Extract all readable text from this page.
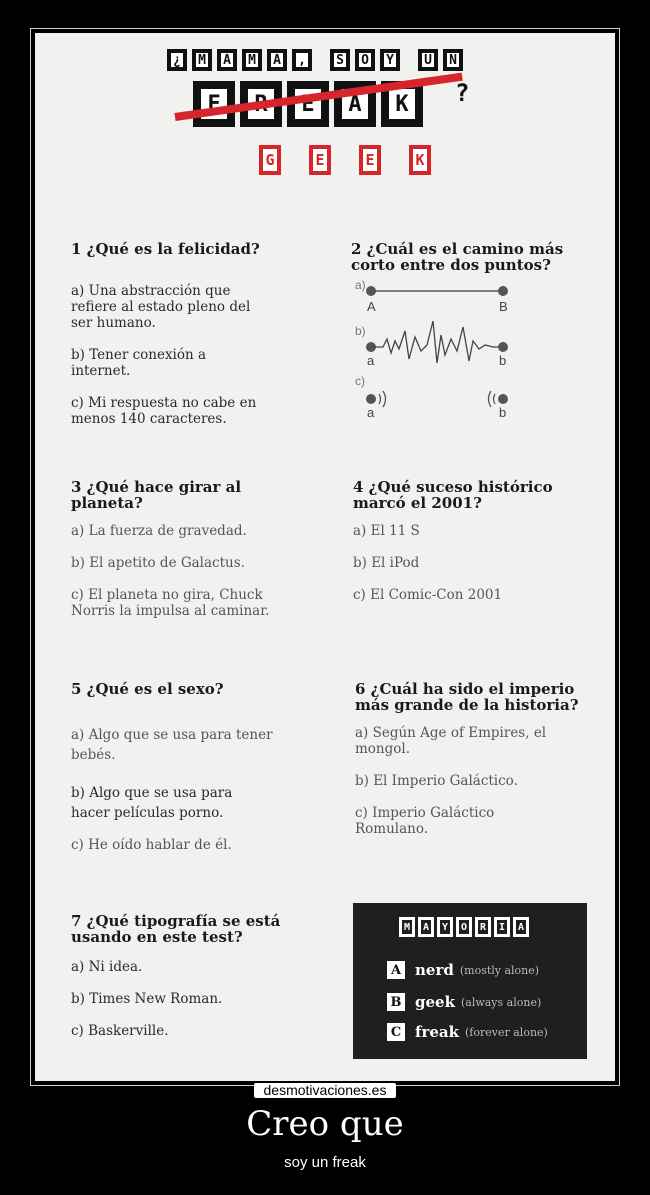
¿	M	A	M	A	,	S	O	Y	U	N
F	E	A	K	?
G	E	E	K
1 ¿Qué es la felicidad?
a) Una abstracción que refiere al estado pleno del ser humano.
b) Tener conexión a internet.
c) Mi respuesta no cabe en menos 140 caracteres.
2 ¿Cuál es el camino más corto entre dos puntos?
a)
A	B
b)
a	b
c)
a	b
3 ¿Qué hace girar al planeta?
a) La fuerza de gravedad.
b) El apetito de Galactus.
c) El planeta no gira, Chuck Norris la impulsa al caminar.
4 ¿Qué suceso histórico marcó el 2001?
a) El 11 S
b) El iPod
c) El Comic-Con 2001
5 ¿Qué es el sexo?
a) Algo que se usa para tener bebés.
b) Algo que se usa para hacer películas porno.
c) He oído hablar de él.
6 ¿Cuál ha sido el imperio más grande de la historia?
a) Según Age of Empires, el mongol.
b) El Imperio Galáctico.
c) Imperio Galáctico Romulano.
7 ¿Qué tipografía se está usando en este test?
a) Ni idea.
b) Times New Roman.
c) Baskerville.
M	A	Y	O	R	I	A
A nerd (mostly alone)
B geek (always alone)
C freak (forever alone)
desmotivaciones.es
Creo que
soy un freak
